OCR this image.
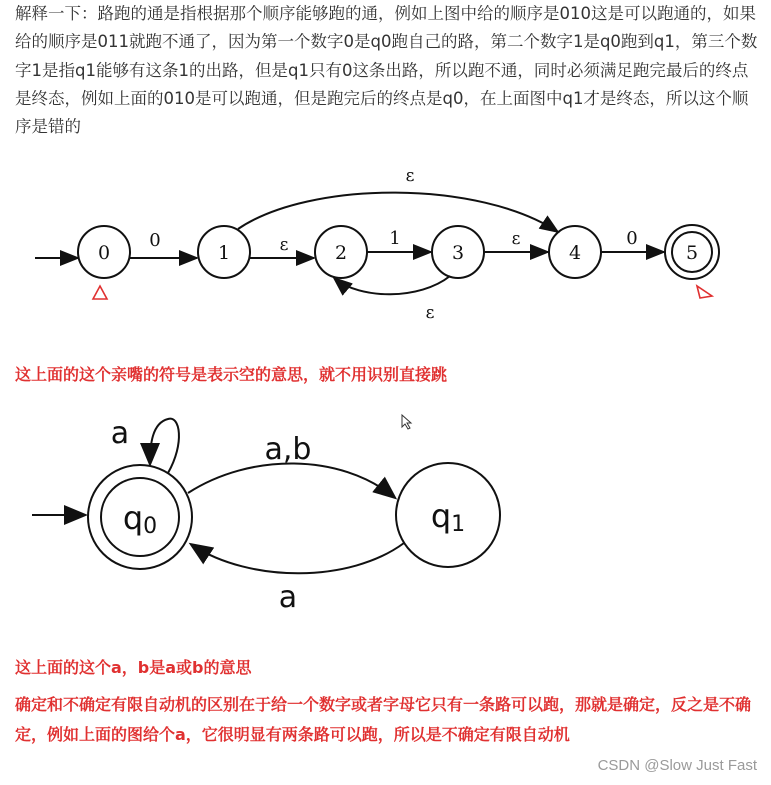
解释一下：路跑的通是指根据那个顺序能够跑的通，例如上图中给的顺序是010这是可以跑通的，如果给的顺序是011就跑不通了，因为第一个数字0是q0跑自己的路，第二个数字1是q0跑到q1，第三个数字1是指q1能够有这条1的出路，但是q1只有0这条出路，所以跑不通，同时必须满足跑完最后的终点是终态，例如上面的010是可以跑通，但是跑完后的终点是q0，在上面图中q1才是终态，所以这个顺序是错的

0	1	2	3	4	5
0	ε	1	ε	0
ε
ε

这上面的这个亲嘴的符号是表示空的意思，就不用识别直接跳

q0	q1
a	a,b
a

这上面的这个a，b是a或b的意思

确定和不确定有限自动机的区别在于给一个数字或者字母它只有一条路可以跑，那就是确定，反之是不确定，例如上面的图给个a，它很明显有两条路可以跑，所以是不确定有限自动机

CSDN @Slow Just Fast
